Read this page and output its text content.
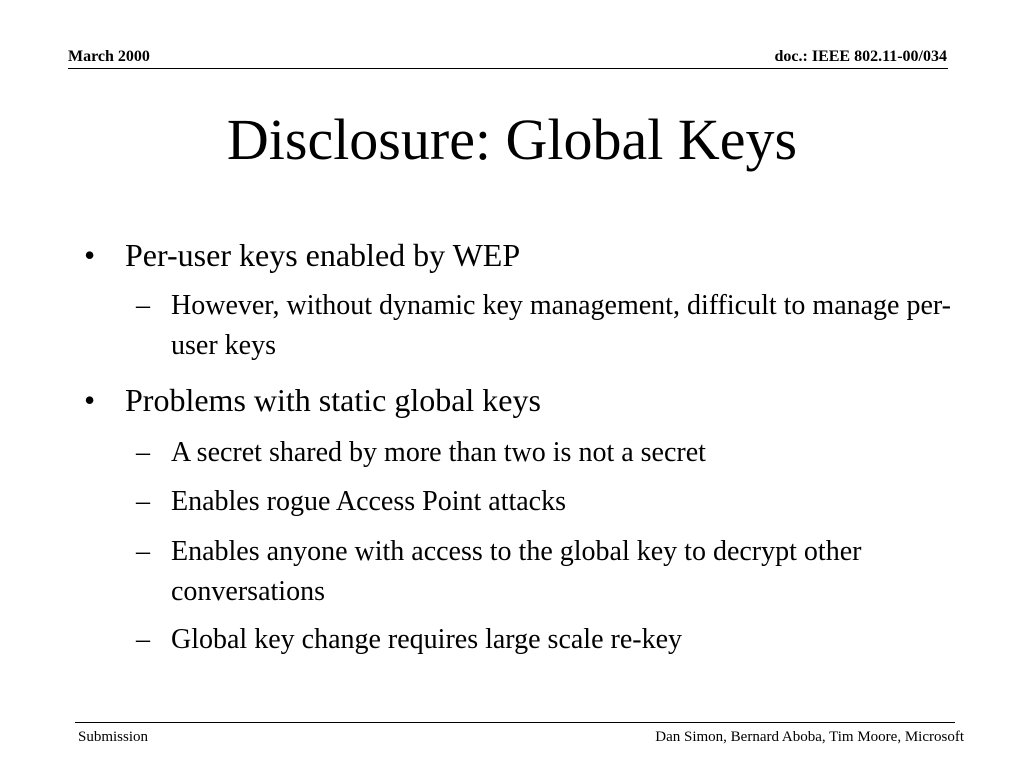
March 2000	doc.: IEEE 802.11-00/034
Disclosure: Global Keys
• Per-user keys enabled by WEP
– However, without dynamic key management, difficult to manage per-user keys
• Problems with static global keys
– A secret shared by more than two is not a secret
– Enables rogue Access Point attacks
– Enables anyone with access to the global key to decrypt other conversations
– Global key change requires large scale re-key
Submission	Dan Simon, Bernard Aboba, Tim Moore, Microsoft
